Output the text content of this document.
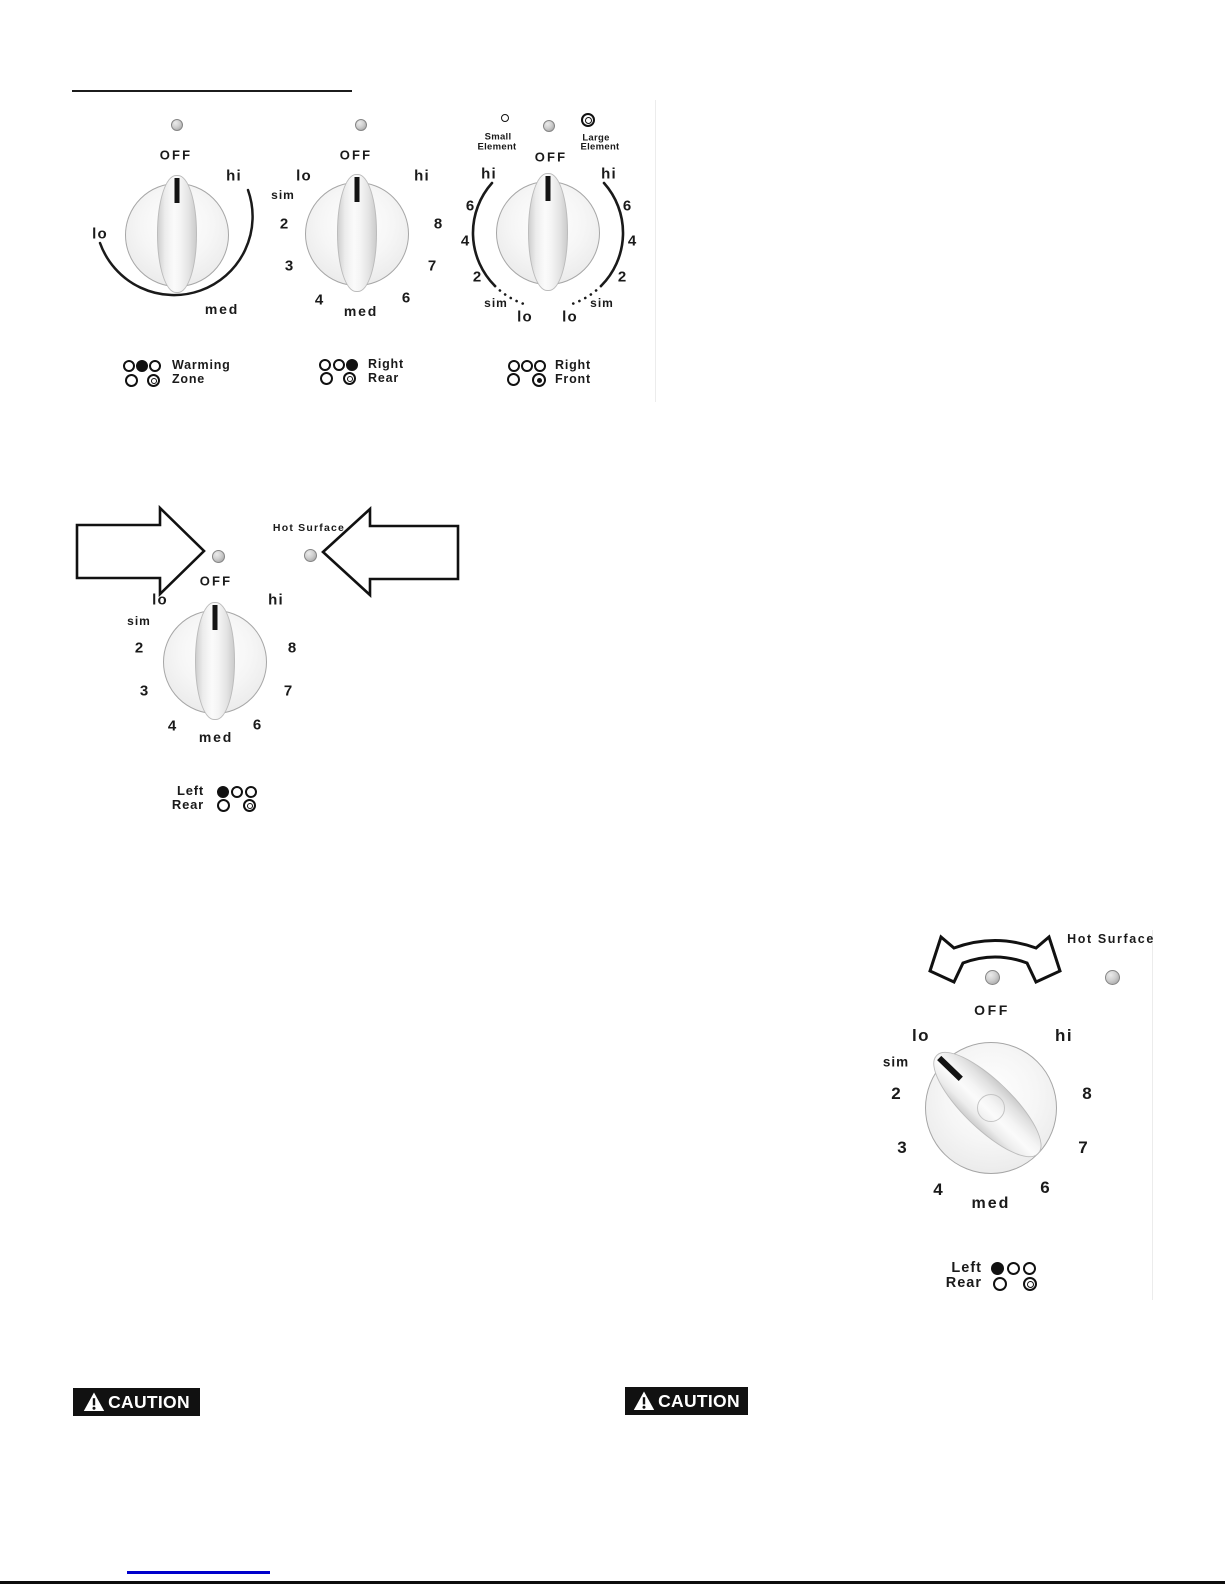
OFF
hi
lo
med
Warming
Zone
OFF
lo	hi
sim
2	8
3	7
4	6
med
Right
Rear
Small
Element
Large
Element
OFF
hi	hi
6	6
4	4
2	2
sim	sim
lo lo
Right
Front
Hot Surface
OFF
lo	hi
sim
2	8
3	7
4	6
med
Left
Rear
Hot Surface
OFF
lo	hi
sim
2	8
3	7
4	6
med
Left
Rear
CAUTION	CAUTION
